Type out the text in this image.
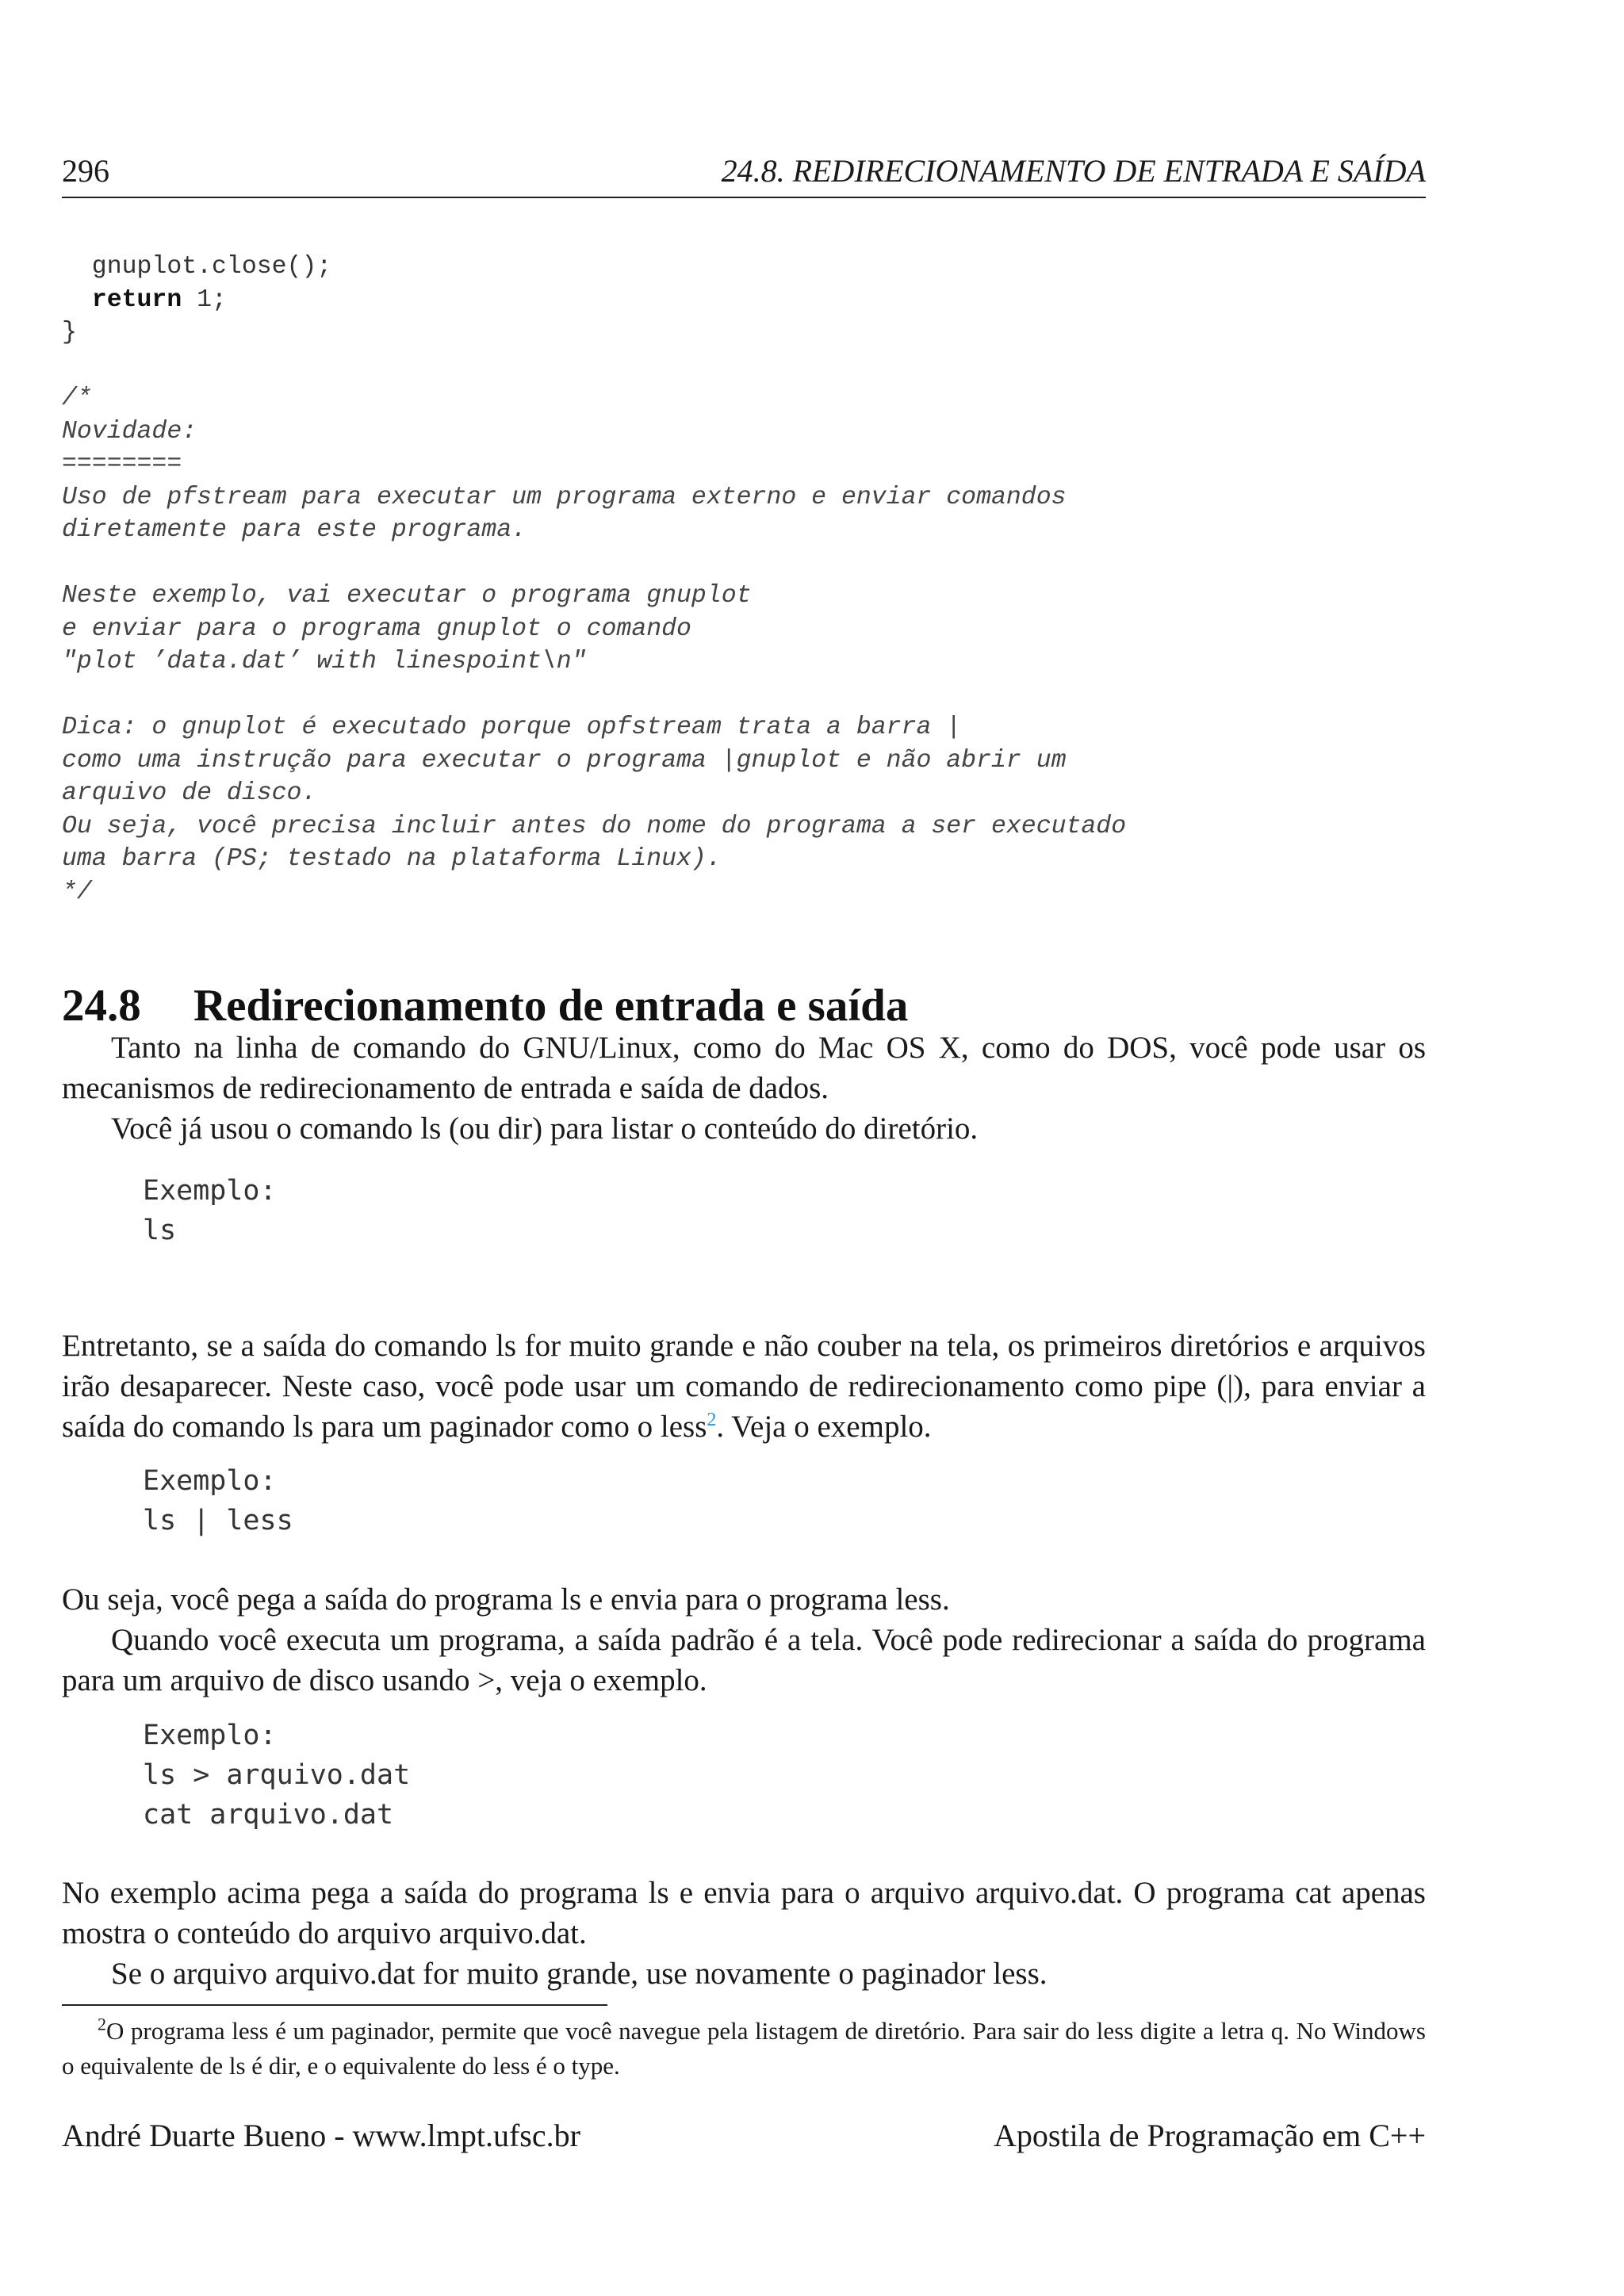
296	24.8. REDIRECIONAMENTO DE ENTRADA E SAÍDA
gnuplot.close();
return 1;
}
/*
Novidade:
========
Uso de pfstream para executar um programa externo e enviar comandos
diretamente para este programa.
Neste exemplo, vai executar o programa gnuplot
e enviar para o programa gnuplot o comando
"plot ’data.dat’ with linespoint\n"
Dica: o gnuplot é executado porque opfstream trata a barra |
como uma instrução para executar o programa |gnuplot e não abrir um
arquivo de disco.
Ou seja, você precisa incluir antes do nome do programa a ser executado
uma barra (PS; testado na plataforma Linux).
*/
24.8 Redirecionamento de entrada e saída

Tanto na linha de comando do GNU/Linux, como do Mac OS X, como do DOS, você pode usar os mecanismos de redirecionamento de entrada e saída de dados.

Você já usou o comando ls (ou dir) para listar o conteúdo do diretório.

Exemplo:
ls

Entretanto, se a saída do comando ls for muito grande e não couber na tela, os primeiros diretórios e arquivos irão desaparecer. Neste caso, você pode usar um comando de redirecionamento como pipe (|), para enviar a saída do comando ls para um paginador como o less$^2$. Veja o exemplo.

Exemplo:
ls | less

Ou seja, você pega a saída do programa ls e envia para o programa less.

Quando você executa um programa, a saída padrão é a tela. Você pode redirecionar a saída do programa para um arquivo de disco usando >, veja o exemplo.

Exemplo:
ls > arquivo.dat
cat arquivo.dat

No exemplo acima pega a saída do programa ls e envia para o arquivo arquivo.dat. O programa cat apenas mostra o conteúdo do arquivo arquivo.dat.

Se o arquivo arquivo.dat for muito grande, use novamente o paginador less.

$^2$O programa less é um paginador, permite que você navegue pela listagem de diretório. Para sair do less digite a letra q. No Windows o equivalente de ls é dir, e o equivalente do less é o type.

André Duarte Bueno - www.lmpt.ufsc.br	Apostila de Programação em C++
